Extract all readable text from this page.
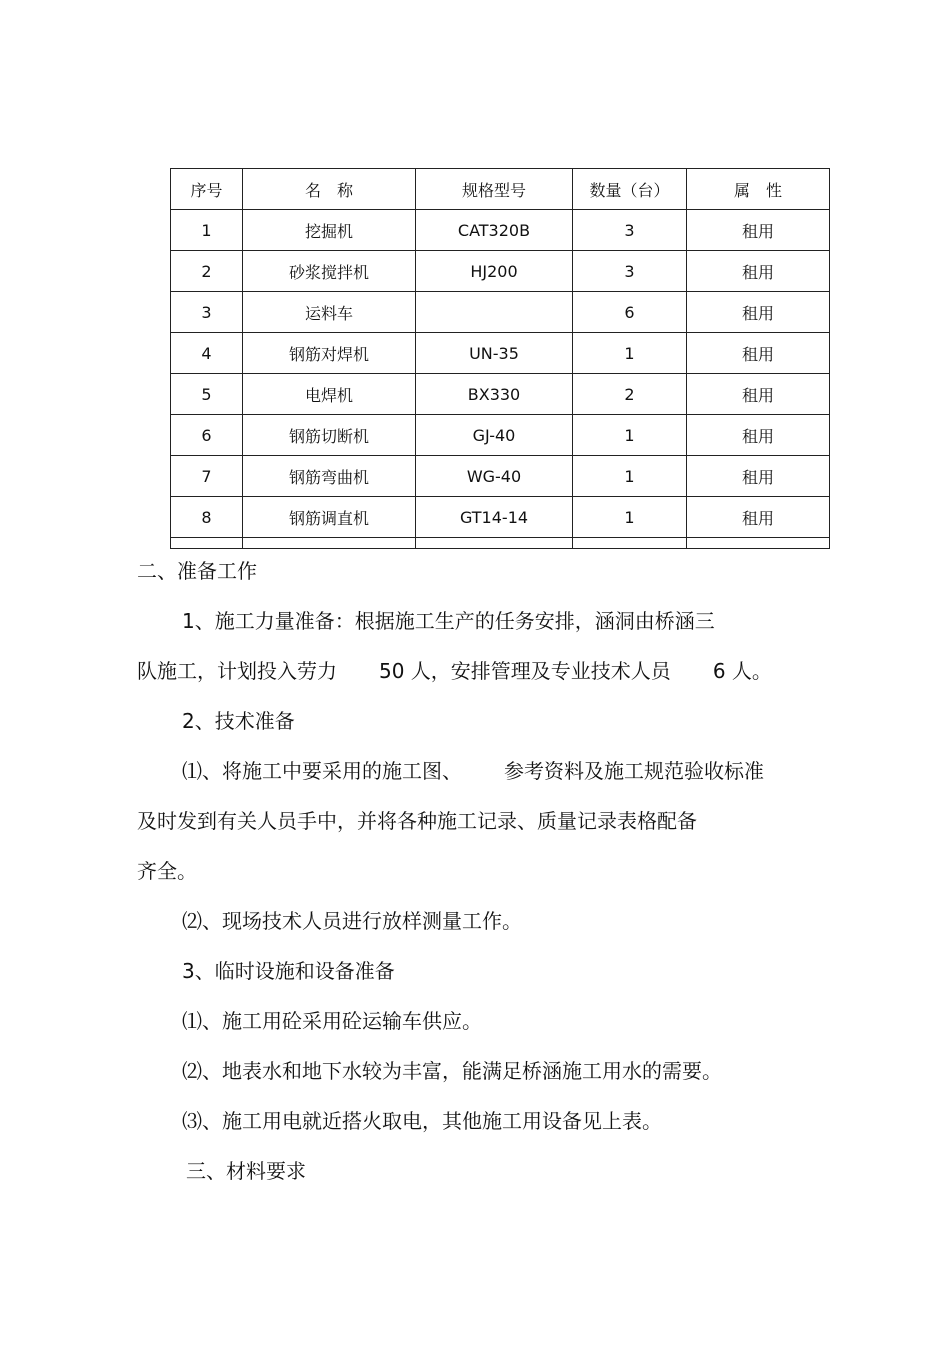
序号	名　称	规格型号	数量（台）	属　性
1	挖掘机	CAT320B	3	租用
2	砂浆搅拌机	HJ200	3	租用
3	运料车		6	租用
4	钢筋对焊机	UN-35	1	租用
5	电焊机	BX330	2	租用
6	钢筋切断机	GJ-40	1	租用
7	钢筋弯曲机	WG-40	1	租用
8	钢筋调直机	GT14-14	1	租用

二、准备工作

1、施工力量准备：根据施工生产的任务安排，涵洞由桥涵三

队施工，计划投入劳力 50 人，安排管理及专业技术人员 6 人。

2、技术准备

⑴、将施工中要采用的施工图、 参考资料及施工规范验收标准

及时发到有关人员手中，并将各种施工记录、质量记录表格配备

齐全。

⑵、现场技术人员进行放样测量工作。

3、临时设施和设备准备

⑴、施工用砼采用砼运输车供应。

⑵、地表水和地下水较为丰富，能满足桥涵施工用水的需要。

⑶、施工用电就近搭火取电，其他施工用设备见上表。

三、材料要求
